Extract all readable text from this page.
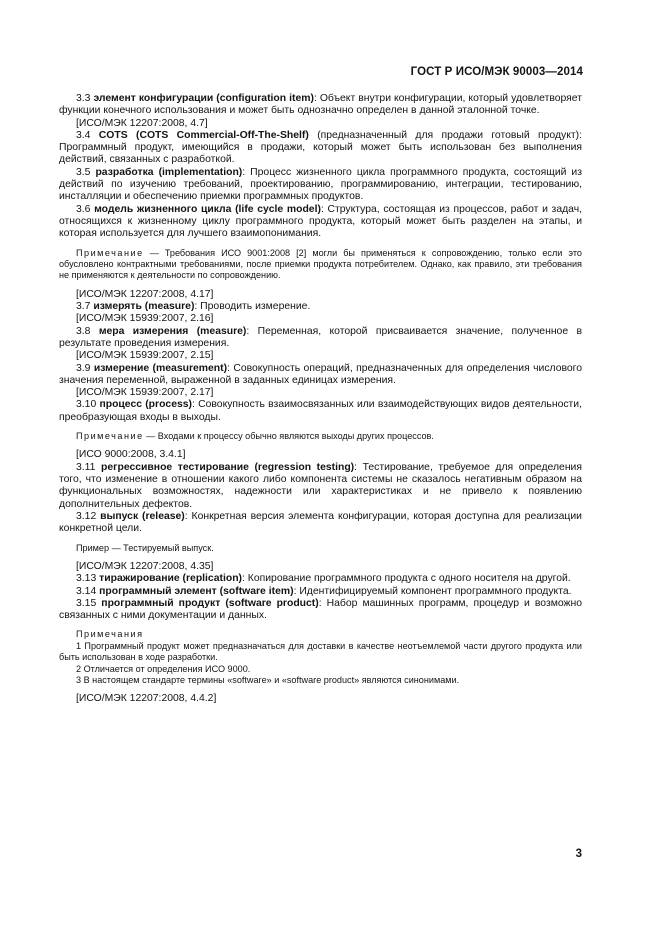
ГОСТ Р ИСО/МЭК 90003—2014

3.3 элемент конфигурации (configuration item): Объект внутри конфигурации, который удовлетворяет функции конечного использования и может быть однозначно определен в данной эталонной точке.

[ИСО/МЭК 12207:2008, 4.7]

3.4 COTS (COTS Commercial-Off-The-Shelf) (предназначенный для продажи готовый продукт): Программный продукт, имеющийся в продажи, который может быть использован без выполнения действий, связанных с разработкой.

3.5 разработка (implementation): Процесс жизненного цикла программного продукта, состоящий из действий по изучению требований, проектированию, программированию, интеграции, тестированию, инсталляции и обеспечению приемки программных продуктов.

3.6 модель жизненного цикла (life cycle model): Структура, состоящая из процессов, работ и задач, относящихся к жизненному циклу программного продукта, который может быть разделен на этапы, и которая используется для лучшего взаимопонимания.

Примечание — Требования ИСО 9001:2008 [2] могли бы применяться к сопровождению, только если это обусловлено контрактными требованиями, после приемки продукта потребителем. Однако, как правило, эти требования не применяются к деятельности по сопровождению.

[ИСО/МЭК 12207:2008, 4.17]

3.7 измерять (measure): Проводить измерение.

[ИСО/МЭК 15939:2007, 2.16]

3.8 мера измерения (measure): Переменная, которой присваивается значение, полученное в результате проведения измерения.

[ИСО/МЭК 15939:2007, 2.15]

3.9 измерение (measurement): Совокупность операций, предназначенных для определения числового значения переменной, выраженной в заданных единицах измерения.

[ИСО/МЭК 15939:2007, 2.17]

3.10 процесс (process): Совокупность взаимосвязанных или взаимодействующих видов деятельности, преобразующая входы в выходы.

Примечание — Входами к процессу обычно являются выходы других процессов.

[ИСО 9000:2008, 3.4.1]

3.11 регрессивное тестирование (regression testing): Тестирование, требуемое для определения того, что изменение в отношении какого либо компонента системы не сказалось негативным образом на функциональных возможностях, надежности или характеристиках и не привело к появлению дополнительных дефектов.

3.12 выпуск (release): Конкретная версия элемента конфигурации, которая доступна для реализации конкретной цели.

Пример — Тестируемый выпуск.

[ИСО/МЭК 12207:2008, 4.35]

3.13 тиражирование (replication): Копирование программного продукта с одного носителя на другой.

3.14 программный элемент (software item): Идентифицируемый компонент программного продукта.

3.15 программный продукт (software product): Набор машинных программ, процедур и возможно связанных с ними документации и данных.

Примечания

1 Программный продукт может предназначаться для доставки в качестве неотъемлемой части другого продукта или быть использован в ходе разработки.

2 Отличается от определения ИСО 9000.

3 В настоящем стандарте термины «software» и «software product» являются синонимами.

[ИСО/МЭК 12207:2008, 4.4.2]

3
